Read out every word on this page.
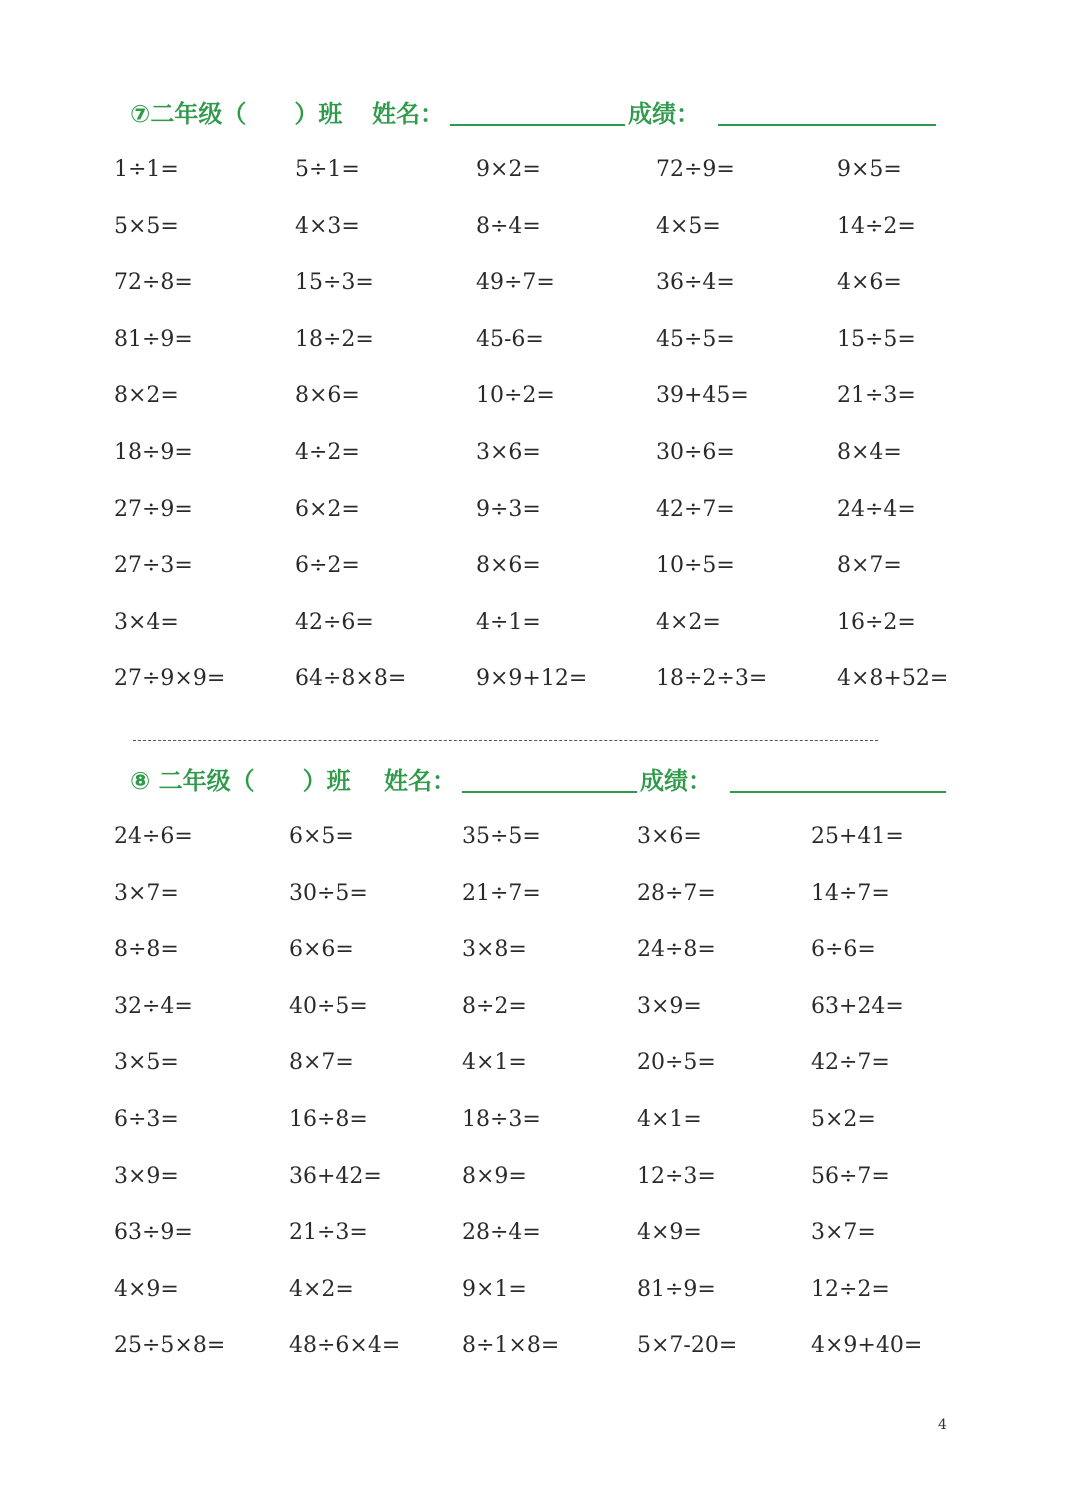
⑦二年级（　　）班 姓名：	成绩：
1÷1=	5÷1=	9×2=	72÷9=	9×5=
5×5=	4×3=	8÷4=	4×5=	14÷2=
72÷8=	15÷3=	49÷7=	36÷4=	4×6=
81÷9=	18÷2=	45-6=	45÷5=	15÷5=
8×2=	8×6=	10÷2=	39+45=	21÷3=
18÷9=	4÷2=	3×6=	30÷6=	8×4=
27÷9=	6×2=	9÷3=	42÷7=	24÷4=
27÷3=	6÷2=	8×6=	10÷5=	8×7=
3×4=	42÷6=	4÷1=	4×2=	16÷2=
27÷9×9=	64÷8×8=	9×9+12=	18÷2÷3=	4×8+52=
⑧ 二年级（　　）班 姓名：	成绩：
24÷6=	6×5=	35÷5=	3×6=	25+41=
3×7=	30÷5=	21÷7=	28÷7=	14÷7=
8÷8=	6×6=	3×8=	24÷8=	6÷6=
32÷4=	40÷5=	8÷2=	3×9=	63+24=
3×5=	8×7=	4×1=	20÷5=	42÷7=
6÷3=	16÷8=	18÷3=	4×1=	5×2=
3×9=	36+42=	8×9=	12÷3=	56÷7=
63÷9=	21÷3=	28÷4=	4×9=	3×7=
4×9=	4×2=	9×1=	81÷9=	12÷2=
25÷5×8=	48÷6×4=	8÷1×8=	5×7-20=	4×9+40=
4
